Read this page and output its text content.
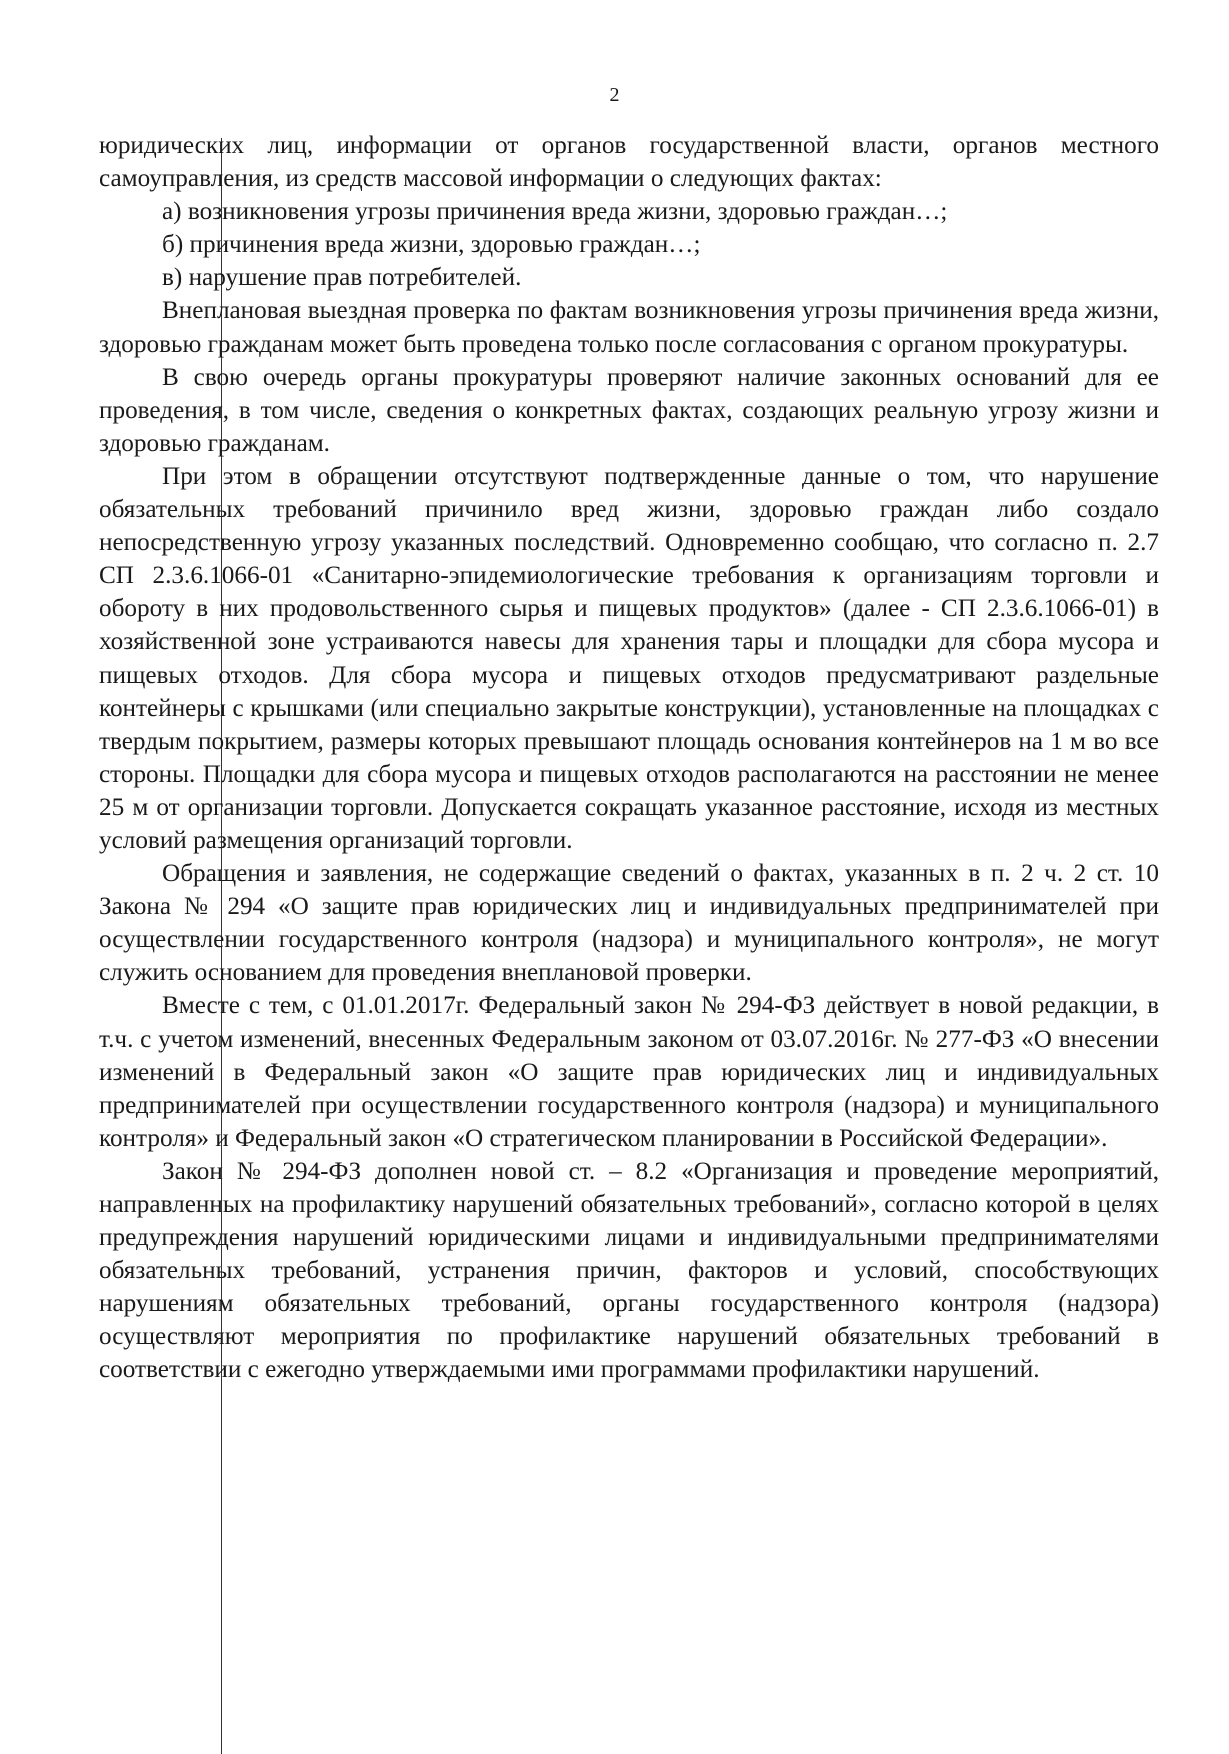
2

юридических лиц, информации от органов государственной власти, органов местного самоуправления, из средств массовой информации о следующих фактах:

а) возникновения угрозы причинения вреда жизни, здоровью граждан…;

б) причинения вреда жизни, здоровью граждан…;

в) нарушение прав потребителей.

Внеплановая выездная проверка по фактам возникновения угрозы причинения вреда жизни, здоровью гражданам может быть проведена только после согласования с органом прокуратуры.

В свою очередь органы прокуратуры проверяют наличие законных оснований для ее проведения, в том числе, сведения о конкретных фактах, создающих реальную угрозу жизни и здоровью гражданам.

При этом в обращении отсутствуют подтвержденные данные о том, что нарушение обязательных требований причинило вред жизни, здоровью граждан либо создало непосредственную угрозу указанных последствий. Одновременно сообщаю, что согласно п. 2.7 СП 2.3.6.1066-01 «Санитарно-эпидемиологические требования к организациям торговли и обороту в них продовольственного сырья и пищевых продуктов» (далее - СП 2.3.6.1066-01) в хозяйственной зоне устраиваются навесы для хранения тары и площадки для сбора мусора и пищевых отходов. Для сбора мусора и пищевых отходов предусматривают раздельные контейнеры с крышками (или специально закрытые конструкции), установленные на площадках с твердым покрытием, размеры которых превышают площадь основания контейнеров на 1 м во все стороны. Площадки для сбора мусора и пищевых отходов располагаются на расстоянии не менее 25 м от организации торговли. Допускается сокращать указанное расстояние, исходя из местных условий размещения организаций торговли.

Обращения и заявления, не содержащие сведений о фактах, указанных в п. 2 ч. 2 ст. 10 Закона № 294 «О защите прав юридических лиц и индивидуальных предпринимателей при осуществлении государственного контроля (надзора) и муниципального контроля», не могут служить основанием для проведения внеплановой проверки.

Вместе с тем, с 01.01.2017г. Федеральный закон № 294-ФЗ действует в новой редакции, в т.ч. с учетом изменений, внесенных Федеральным законом от 03.07.2016г. № 277-ФЗ «О внесении изменений в Федеральный закон «О защите прав юридических лиц и индивидуальных предпринимателей при осуществлении государственного контроля (надзора) и муниципального контроля» и Федеральный закон «О стратегическом планировании в Российской Федерации».

Закон № 294-ФЗ дополнен новой ст. – 8.2 «Организация и проведение мероприятий, направленных на профилактику нарушений обязательных требований», согласно которой в целях предупреждения нарушений юридическими лицами и индивидуальными предпринимателями обязательных требований, устранения причин, факторов и условий, способствующих нарушениям обязательных требований, органы государственного контроля (надзора) осуществляют мероприятия по профилактике нарушений обязательных требований в соответствии с ежегодно утверждаемыми ими программами профилактики нарушений.
